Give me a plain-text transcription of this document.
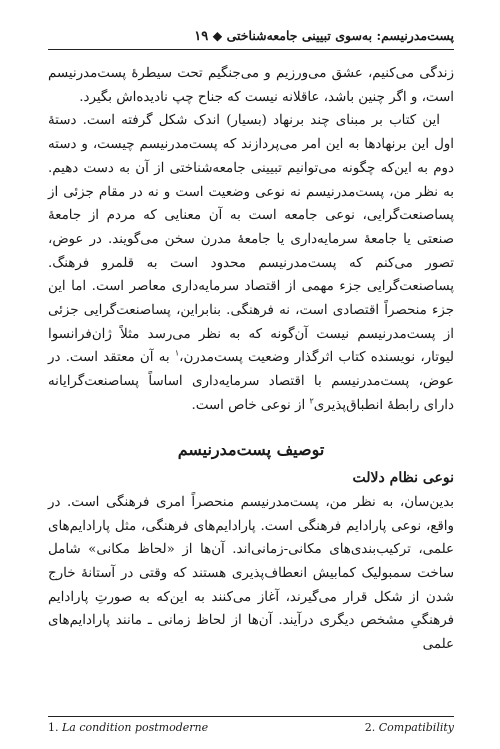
پست‌مدرنیسم: به‌سوی تبیینی جامعه‌شناختی ◆ ۱۹

زندگی می‌کنیم، عشق می‌ورزیم و می‌جنگیم تحت سیطرهٔ پست‌مدرنیسم است، و اگر چنین باشد، عاقلانه نیست که جناح چپ نادیده‌اش بگیرد.

این کتاب بر مبنای چند برنهاد (بسیار) اندک شکل گرفته است. دستهٔ اول این برنهادها به این امر می‌پردازند که پست‌مدرنیسم چیست، و دسته دوم به این‌که چگونه می‌توانیم تبیینی جامعه‌شناختی از آن به دست دهیم. به نظر من، پست‌مدرنیسم نه نوعی وضعیت است و نه در مقام جزئی از پساصنعت‌گرایی، نوعی جامعه است به آن معنایی که مردم از جامعهٔ صنعتی یا جامعهٔ سرمایه‌داری یا جامعهٔ مدرن سخن می‌گویند. در عوض، تصور می‌کنم که پست‌مدرنیسم محدود است به قلمرو فرهنگ. پساصنعت‌گرایی جزء مهمی از اقتصاد سرمایه‌داری معاصر است. اما این جزء منحصراً اقتصادی است، نه فرهنگی. بنابراین، پساصنعت‌گرایی جزئی از پست‌مدرنیسم نیست آن‌گونه که به نظر می‌رسد مثلاً ژان‌فرانسوا لیوتار، نویسنده کتاب اثرگذار وضعیت پست‌مدرن،$^۱$ به آن معتقد است. در عوض، پست‌مدرنیسم با اقتصاد سرمایه‌داری اساساً پساصنعت‌گرایانه دارای رابطهٔ انطباق‌پذیری$^۲$ از نوعی خاص است.

توصیف پست‌مدرنیسم
نوعی نظام دلالت

بدین‌سان، به نظر من، پست‌مدرنیسم منحصراً امری فرهنگی است. در واقع، نوعی پارادایم فرهنگی است. پارادایم‌های فرهنگی، مثل پارادایم‌های علمی، ترکیب‌بندی‌های مکانی-زمانی‌اند. آن‌ها از «لحاظ مکانی» شامل ساخت سمبولیک کمابیش انعطاف‌پذیری هستند که وقتی در آستانهٔ خارج شدن از شکل قرار می‌گیرند، آغاز می‌کنند به این‌که به صورتِ پارادایم فرهنگیِ مشخص دیگری درآیند. آن‌ها از لحاظ زمانی ـ مانند پارادایم‌های علمی

1. La condition postmoderne	2. Compatibility
